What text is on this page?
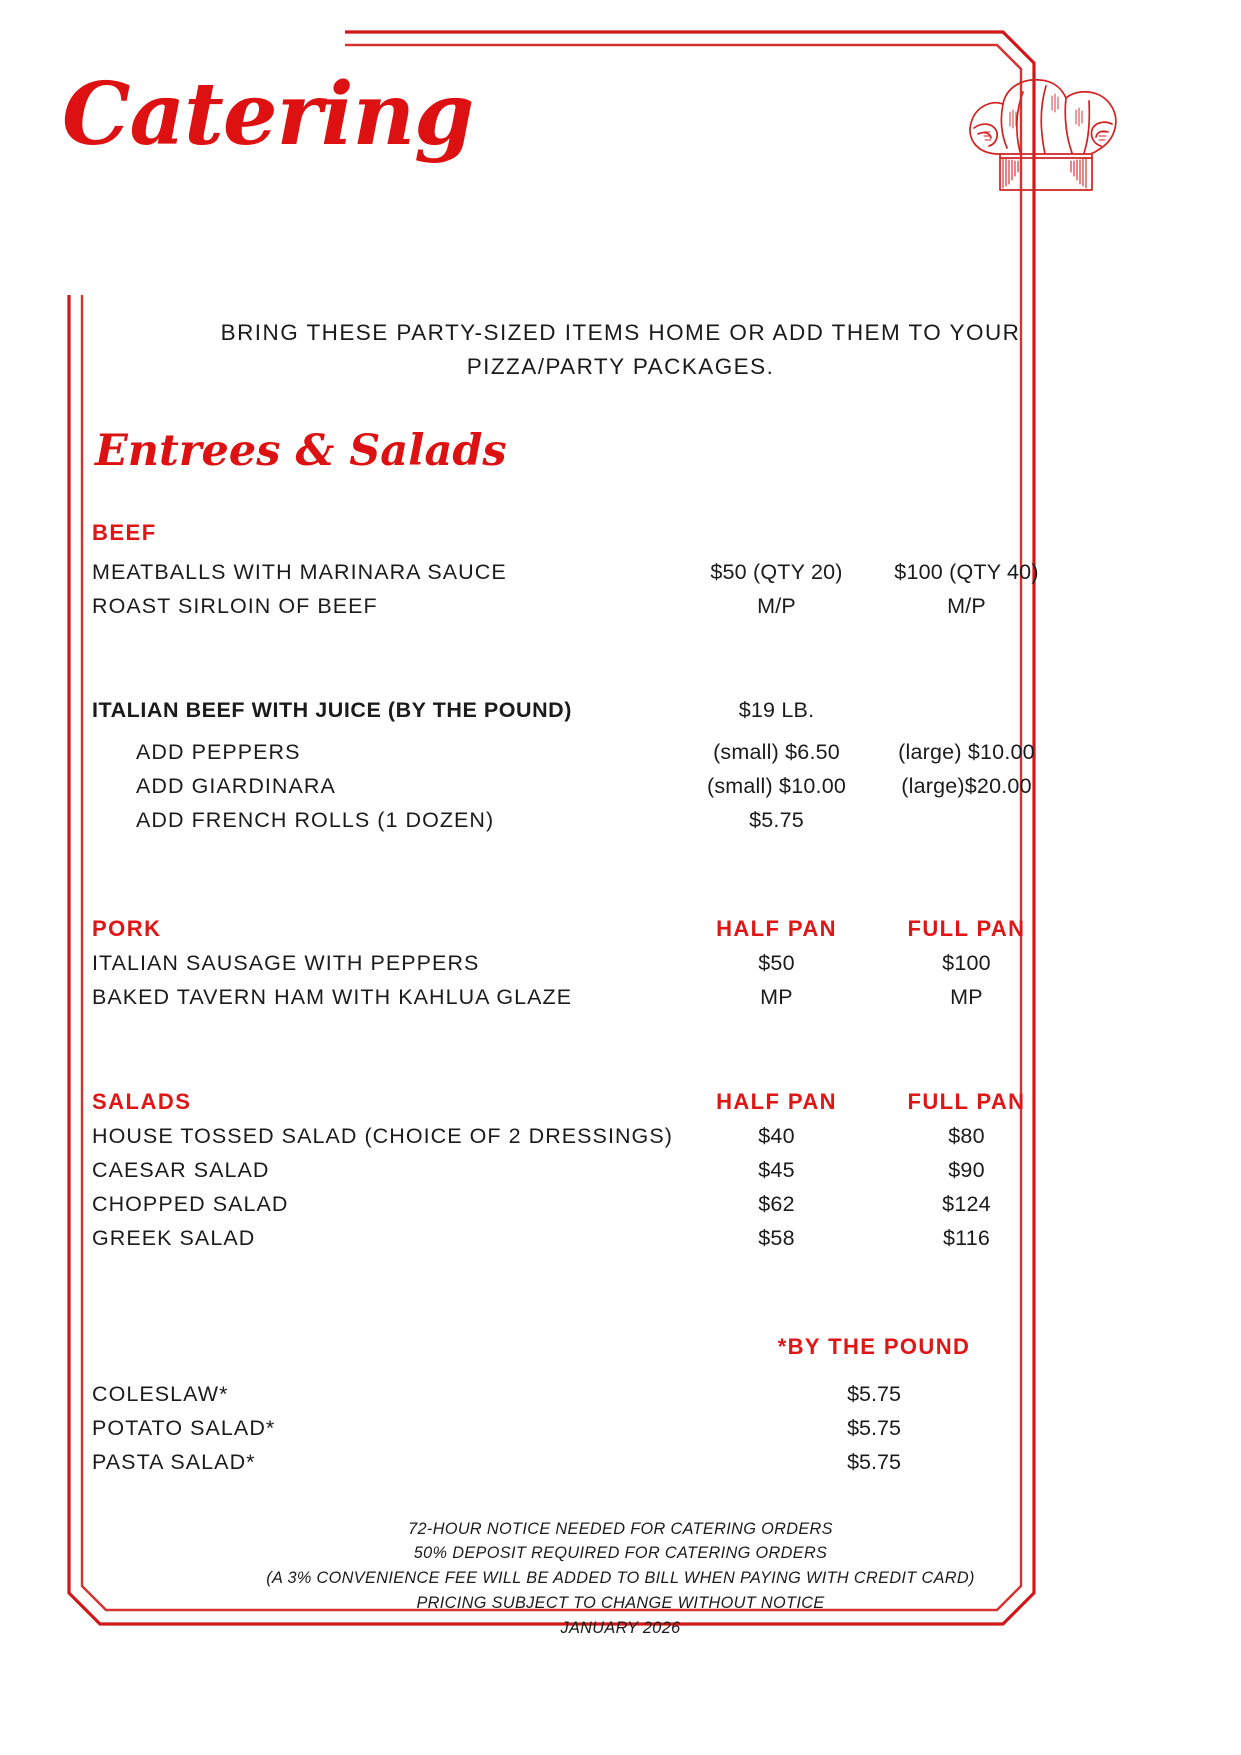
Catering
BRING THESE PARTY-SIZED ITEMS HOME OR ADD THEM TO YOUR PIZZA/PARTY PACKAGES.
Entrees & Salads
BEEF
MEATBALLS WITH MARINARA SAUCE	$50 (QTY 20)	$100 (QTY 40)
ROAST SIRLOIN OF BEEF	M/P	M/P
ITALIAN BEEF WITH JUICE (BY THE POUND)	$19 LB.
ADD PEPPERS	(small) $6.50	(large) $10.00
ADD GIARDINARA	(small) $10.00	(large)$20.00
ADD FRENCH ROLLS (1 DOZEN)	$5.75
PORK	HALF PAN	FULL PAN
ITALIAN SAUSAGE WITH PEPPERS	$50	$100
BAKED TAVERN HAM WITH KAHLUA GLAZE	MP	MP
SALADS	HALF PAN	FULL PAN
HOUSE TOSSED SALAD (CHOICE OF 2 DRESSINGS)	$40	$80
CAESAR SALAD	$45	$90
CHOPPED SALAD	$62	$124
GREEK SALAD	$58	$116
*BY THE POUND
COLESLAW*	$5.75
POTATO SALAD*	$5.75
PASTA SALAD*	$5.75
72-HOUR NOTICE NEEDED FOR CATERING ORDERS
50% DEPOSIT REQUIRED FOR CATERING ORDERS
(A 3% CONVENIENCE FEE WILL BE ADDED TO BILL WHEN PAYING WITH CREDIT CARD)
PRICING SUBJECT TO CHANGE WITHOUT NOTICE
JANUARY 2026
